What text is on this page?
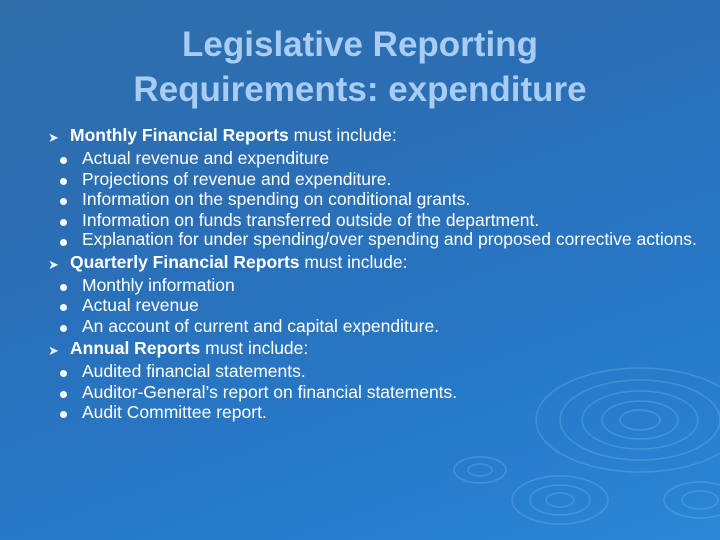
Legislative Reporting
Requirements: expenditure
➤ Monthly Financial Reports must include:
Actual revenue and expenditure
Projections of revenue and expenditure.
Information on the spending on conditional grants.
Information on funds transferred outside of the department.
Explanation for under spending/over spending and proposed corrective actions.
➤ Quarterly Financial Reports must include:
Monthly information
Actual revenue
An account of current and capital expenditure.
➤ Annual Reports must include:
Audited financial statements.
Auditor-General’s report on financial statements.
Audit Committee report.
